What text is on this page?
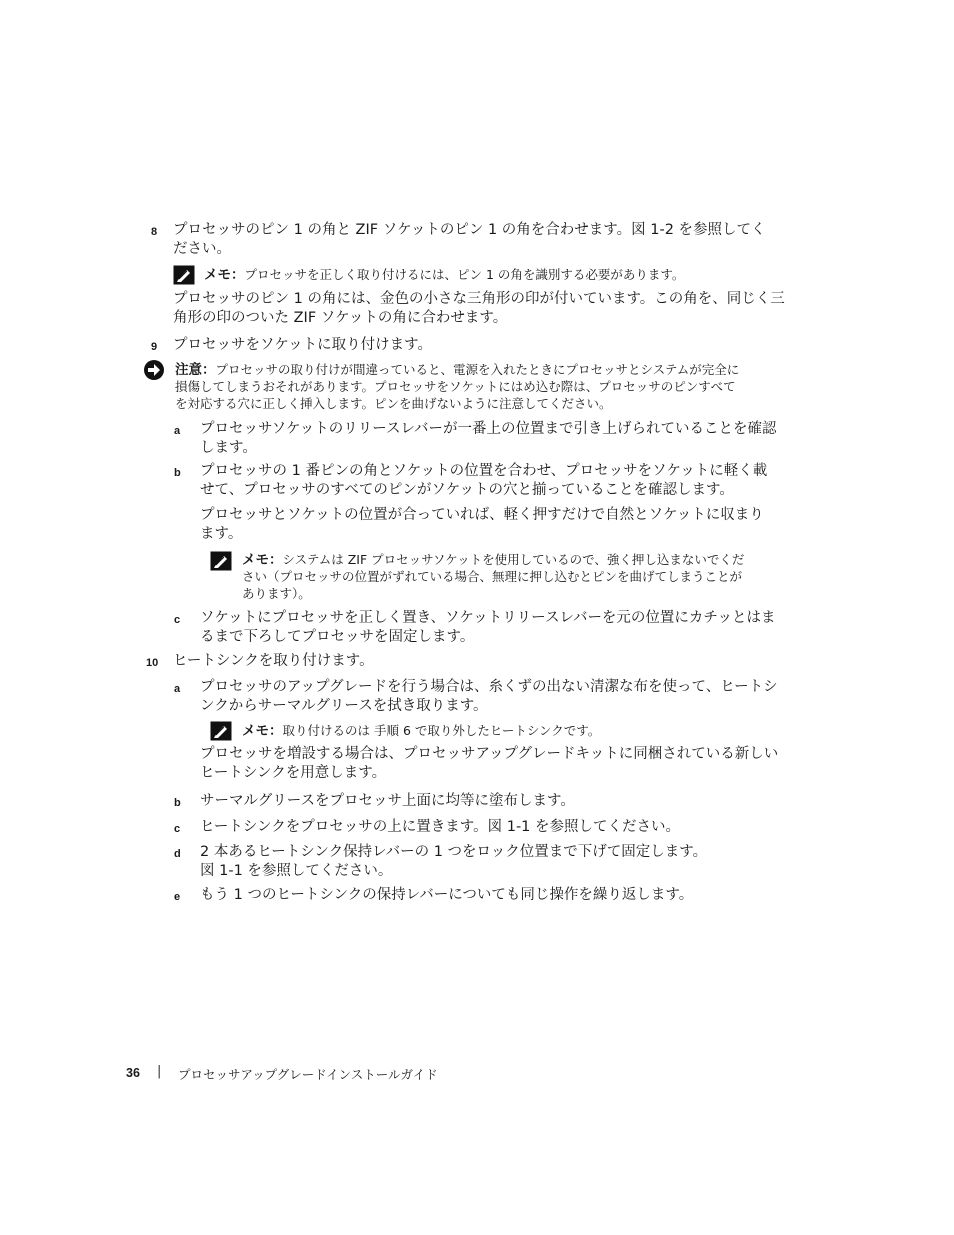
8 プロセッサのピン 1 の角と ZIF ソケットのピン 1 の角を合わせます。図 1-2 を参照してく
ださい。
メモ：プロセッサを正しく取り付けるには、ピン 1 の角を識別する必要があります。
プロセッサのピン 1 の角には、金色の小さな三角形の印が付いています。この角を、同じく三
角形の印のついた ZIF ソケットの角に合わせます。
9 プロセッサをソケットに取り付けます。
注意：プロセッサの取り付けが間違っていると、電源を入れたときにプロセッサとシステムが完全に
損傷してしまうおそれがあります。プロセッサをソケットにはめ込む際は、プロセッサのピンすべて
を対応する穴に正しく挿入します。ピンを曲げないように注意してください。
a プロセッサソケットのリリースレバーが一番上の位置まで引き上げられていることを確認
します。
b プロセッサの 1 番ピンの角とソケットの位置を合わせ、プロセッサをソケットに軽く載
せて、プロセッサのすべてのピンがソケットの穴と揃っていることを確認します。
プロセッサとソケットの位置が合っていれば、軽く押すだけで自然とソケットに収まり
ます。
メモ：システムは ZIF プロセッサソケットを使用しているので、強く押し込まないでくだ
さい（プロセッサの位置がずれている場合、無理に押し込むとピンを曲げてしまうことが
あります）。
c ソケットにプロセッサを正しく置き、ソケットリリースレバーを元の位置にカチッとはま
るまで下ろしてプロセッサを固定します。
10 ヒートシンクを取り付けます。
a プロセッサのアップグレードを行う場合は、糸くずの出ない清潔な布を使って、ヒートシ
ンクからサーマルグリースを拭き取ります。
メモ：取り付けるのは 手順 6 で取り外したヒートシンクです。
プロセッサを増設する場合は、プロセッサアップグレードキットに同梱されている新しい
ヒートシンクを用意します。
b サーマルグリースをプロセッサ上面に均等に塗布します。
c ヒートシンクをプロセッサの上に置きます。図 1-1 を参照してください。
d 2 本あるヒートシンク保持レバーの 1 つをロック位置まで下げて固定します。
図 1-1 を参照してください。
e もう 1 つのヒートシンクの保持レバーについても同じ操作を繰り返します。
36 | プロセッサアップグレードインストールガイド
